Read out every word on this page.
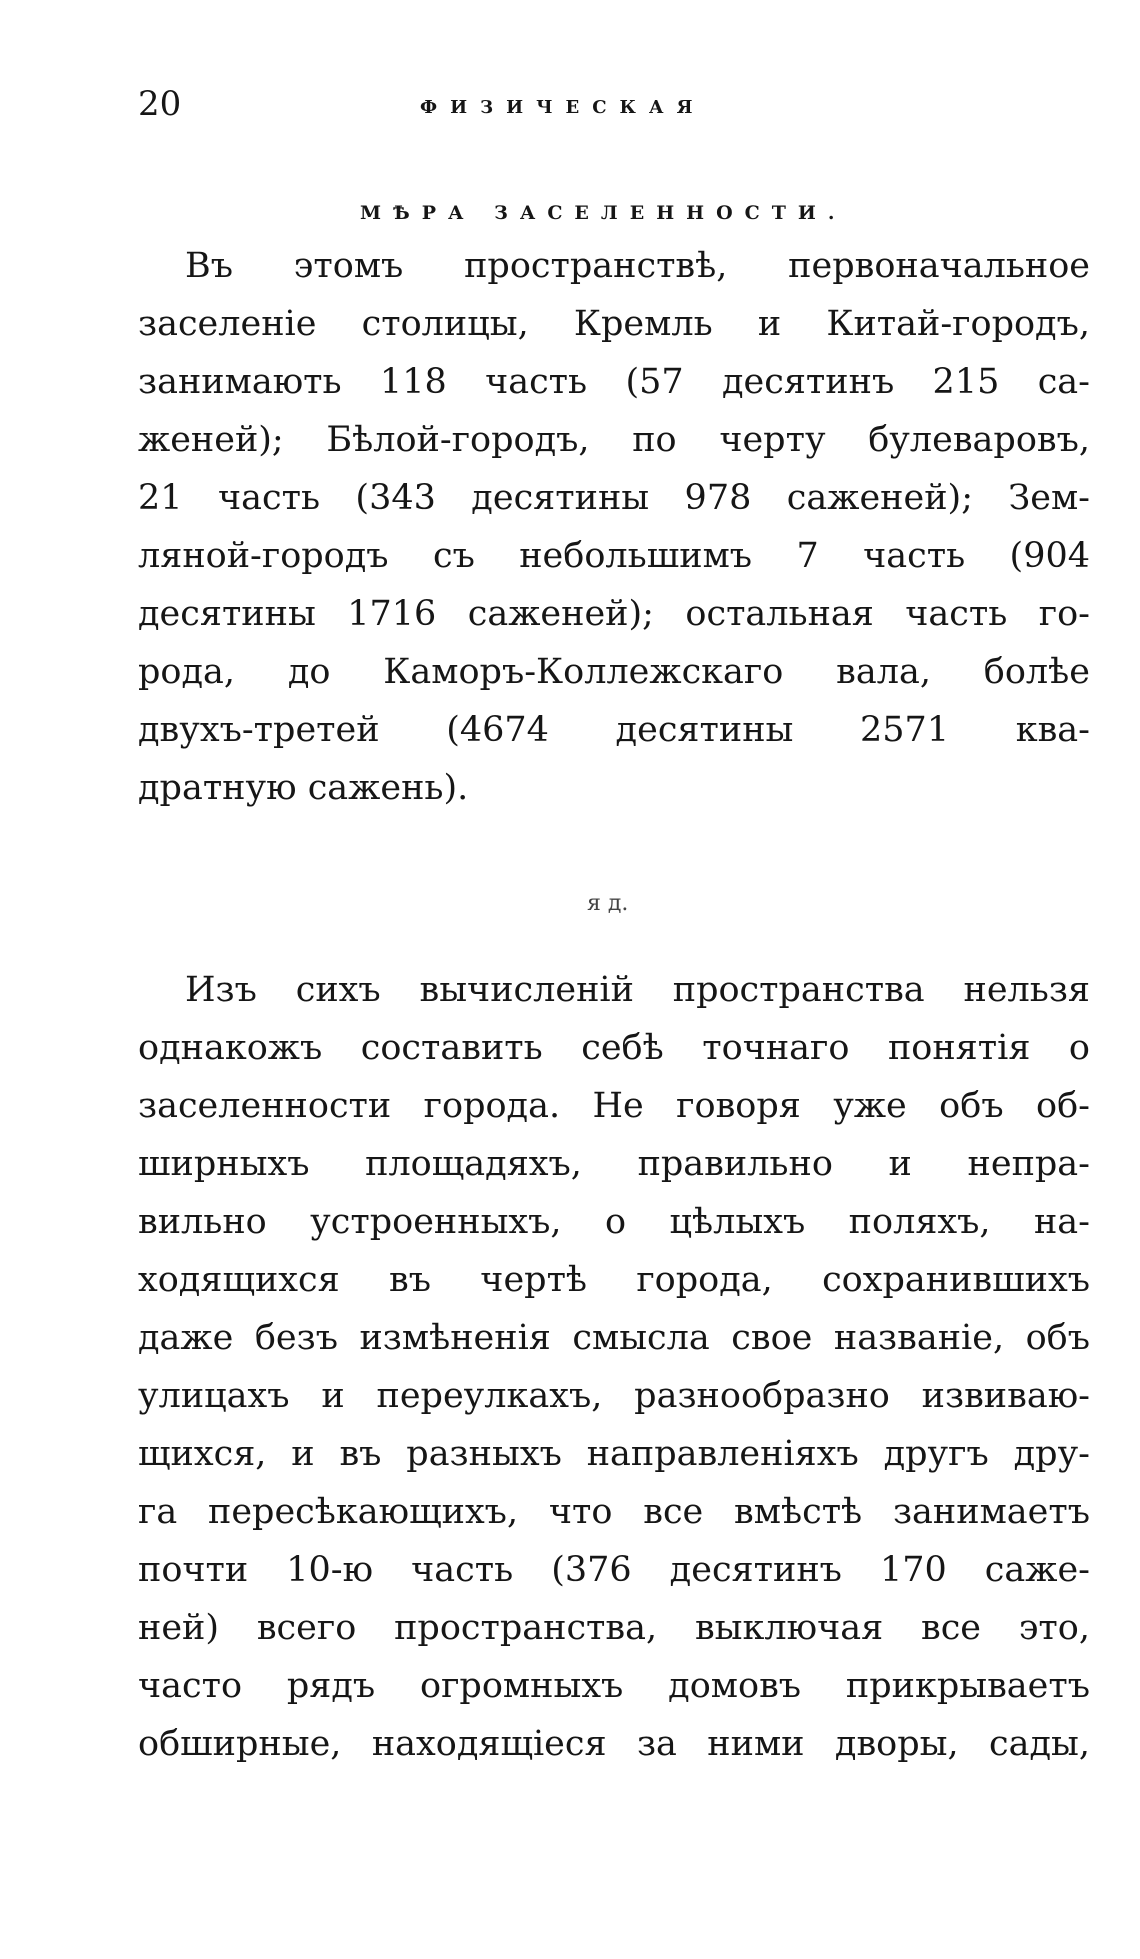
20	ФИЗИЧЕСКАЯ
МѢРА ЗАСЕЛЕННОСТИ.
Въ этомъ пространствѣ, первоначальное
заселеніе столицы, Кремль и Китай-городъ,
занимають 118 часть (57 десятинъ 215 са-
женей); Бѣлой-городъ, по черту булеваровъ,
21 часть (343 десятины 978 саженей); Зем-
ляной-городъ съ небольшимъ 7 часть (904
десятины 1716 саженей); остальная часть го-
рода, до Каморъ-Коллежскаго вала, болѣе
двухъ-третей (4674 десятины 2571 ква-
дратную сажень).
я д.
Изъ сихъ вычисленій пространства нельзя
однакожъ составить себѣ точнаго понятія о
заселенности города. Не говоря уже объ об-
ширныхъ площадяхъ, правильно и непра-
вильно устроенныхъ, о цѣлыхъ поляхъ, на-
ходящихся въ чертѣ города, сохранившихъ
даже безъ измѣненія смысла свое названіе, объ
улицахъ и переулкахъ, разнообразно извиваю-
щихся, и въ разныхъ направленіяхъ другъ дру-
га пересѣкающихъ, что все вмѣстѣ занимаетъ
почти 10-ю часть (376 десятинъ 170 саже-
ней) всего пространства, выключая все это,
часто рядъ огромныхъ домовъ прикрываетъ
обширные, находящіеся за ними дворы, сады,
